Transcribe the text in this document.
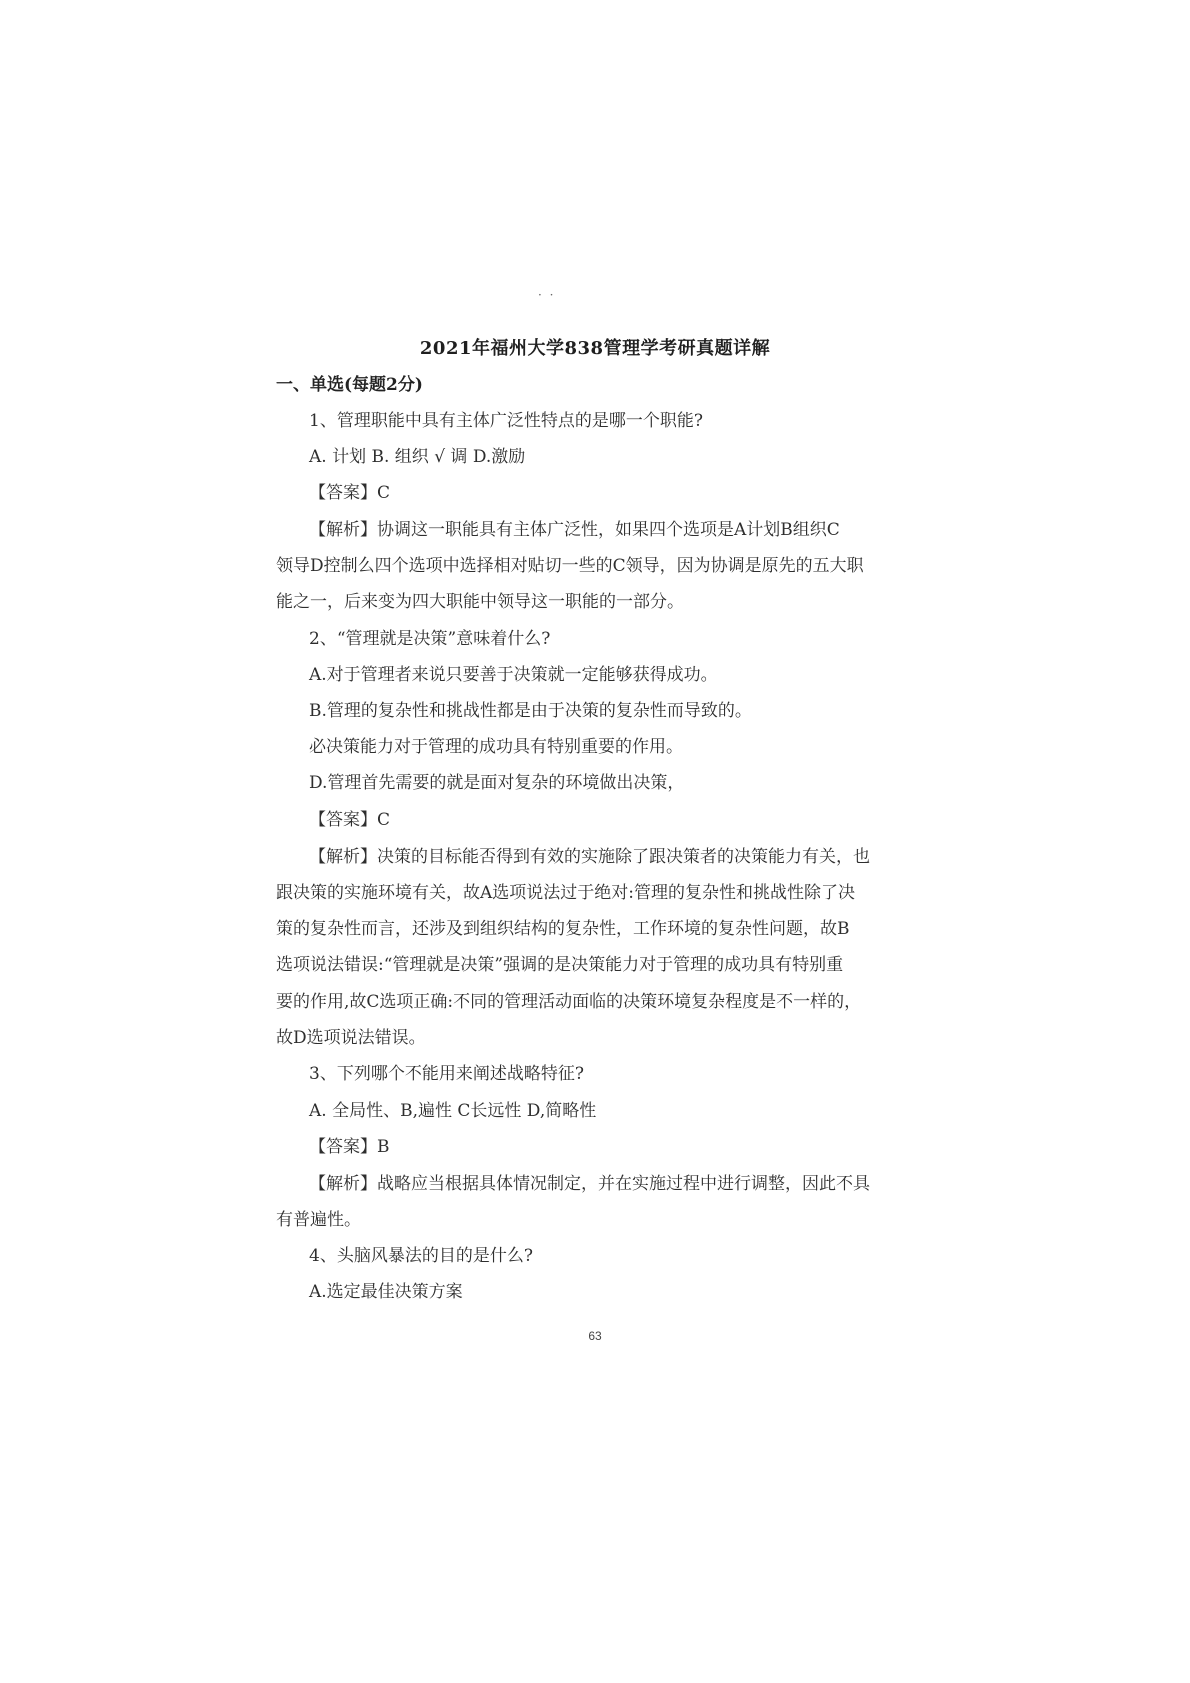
· ·
2021年福州大学838管理学考研真题详解
一、单选(每题2分)
1、管理职能中具有主体广泛性特点的是哪一个职能?
A. 计划 B. 组织 √ 调 D.激励
【答案】C
【解析】协调这一职能具有主体广泛性，如果四个选项是A计划B组织C
领导D控制么四个选项中选择相对贴切一些的C领导，因为协调是原先的五大职
能之一，后来变为四大职能中领导这一职能的一部分。
2、“管理就是决策”意味着什么?
A.对于管理者来说只要善于决策就一定能够获得成功。
B.管理的复杂性和挑战性都是由于决策的复杂性而导致的。
必决策能力对于管理的成功具有特别重要的作用。
D.管理首先需要的就是面对复杂的环境做出决策，
【答案】C
【解析】决策的目标能否得到有效的实施除了跟决策者的决策能力有关，也
跟决策的实施环境有关，故A选项说法过于绝对:管理的复杂性和挑战性除了决
策的复杂性而言，还涉及到组织结构的复杂性，工作环境的复杂性问题，故B
选项说法错误:“管理就是决策”强调的是决策能力对于管理的成功具有特别重
要的作用,故C选项正确:不同的管理活动面临的决策环境复杂程度是不一样的，
故D选项说法错误。
3、下列哪个不能用来阐述战略特征?
A. 全局性、B,遍性 C长远性 D,简略性
【答案】B
【解析】战略应当根据具体情况制定，并在实施过程中进行调整，因此不具
有普遍性。
4、头脑风暴法的目的是什么?
A.选定最佳决策方案
63
